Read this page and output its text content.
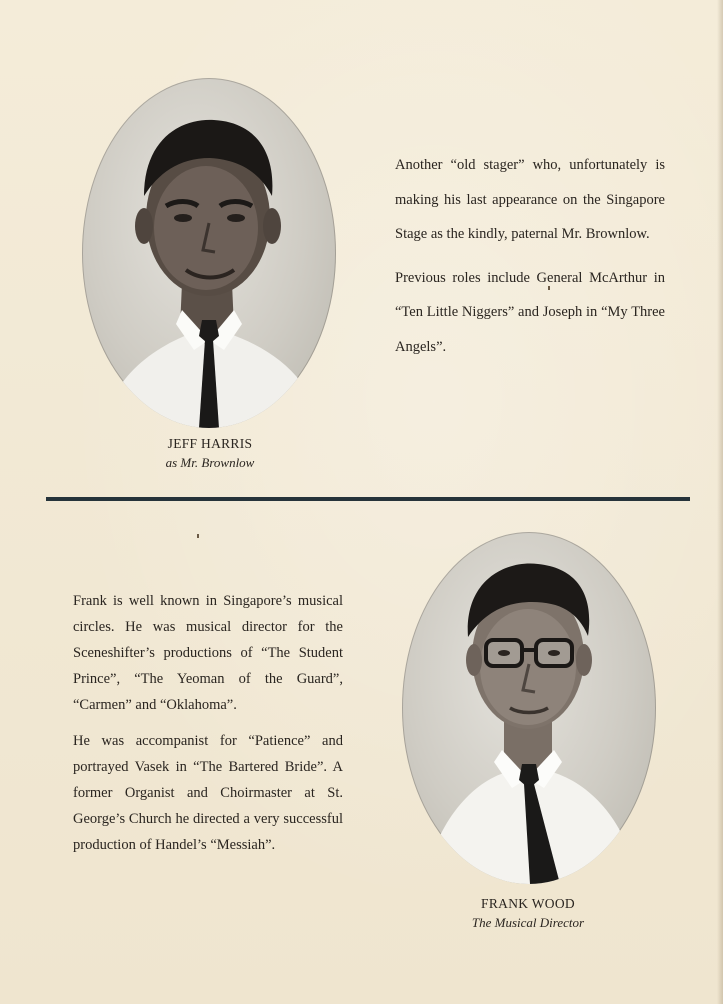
JEFF HARRIS
as Mr. Brownlow

Another “old stager” who, unfortunately is making his last appearance on the Singapore Stage as the kindly, paternal Mr. Brownlow.

Previous roles include General McArthur in “Ten Little Niggers” and Joseph in “My Three Angels”.

Frank is well known in Singapore’s musical circles. He was musical director for the Sceneshifter’s productions of “The Student Prince”, “The Yeoman of the Guard”, “Carmen” and “Oklahoma”.

He was accompanist for “Patience” and portrayed Vasek in “The Bartered Bride”. A former Organist and Choirmaster at St. George’s Church he directed a very successful production of Handel’s “Messiah”.

FRANK WOOD
The Musical Director
